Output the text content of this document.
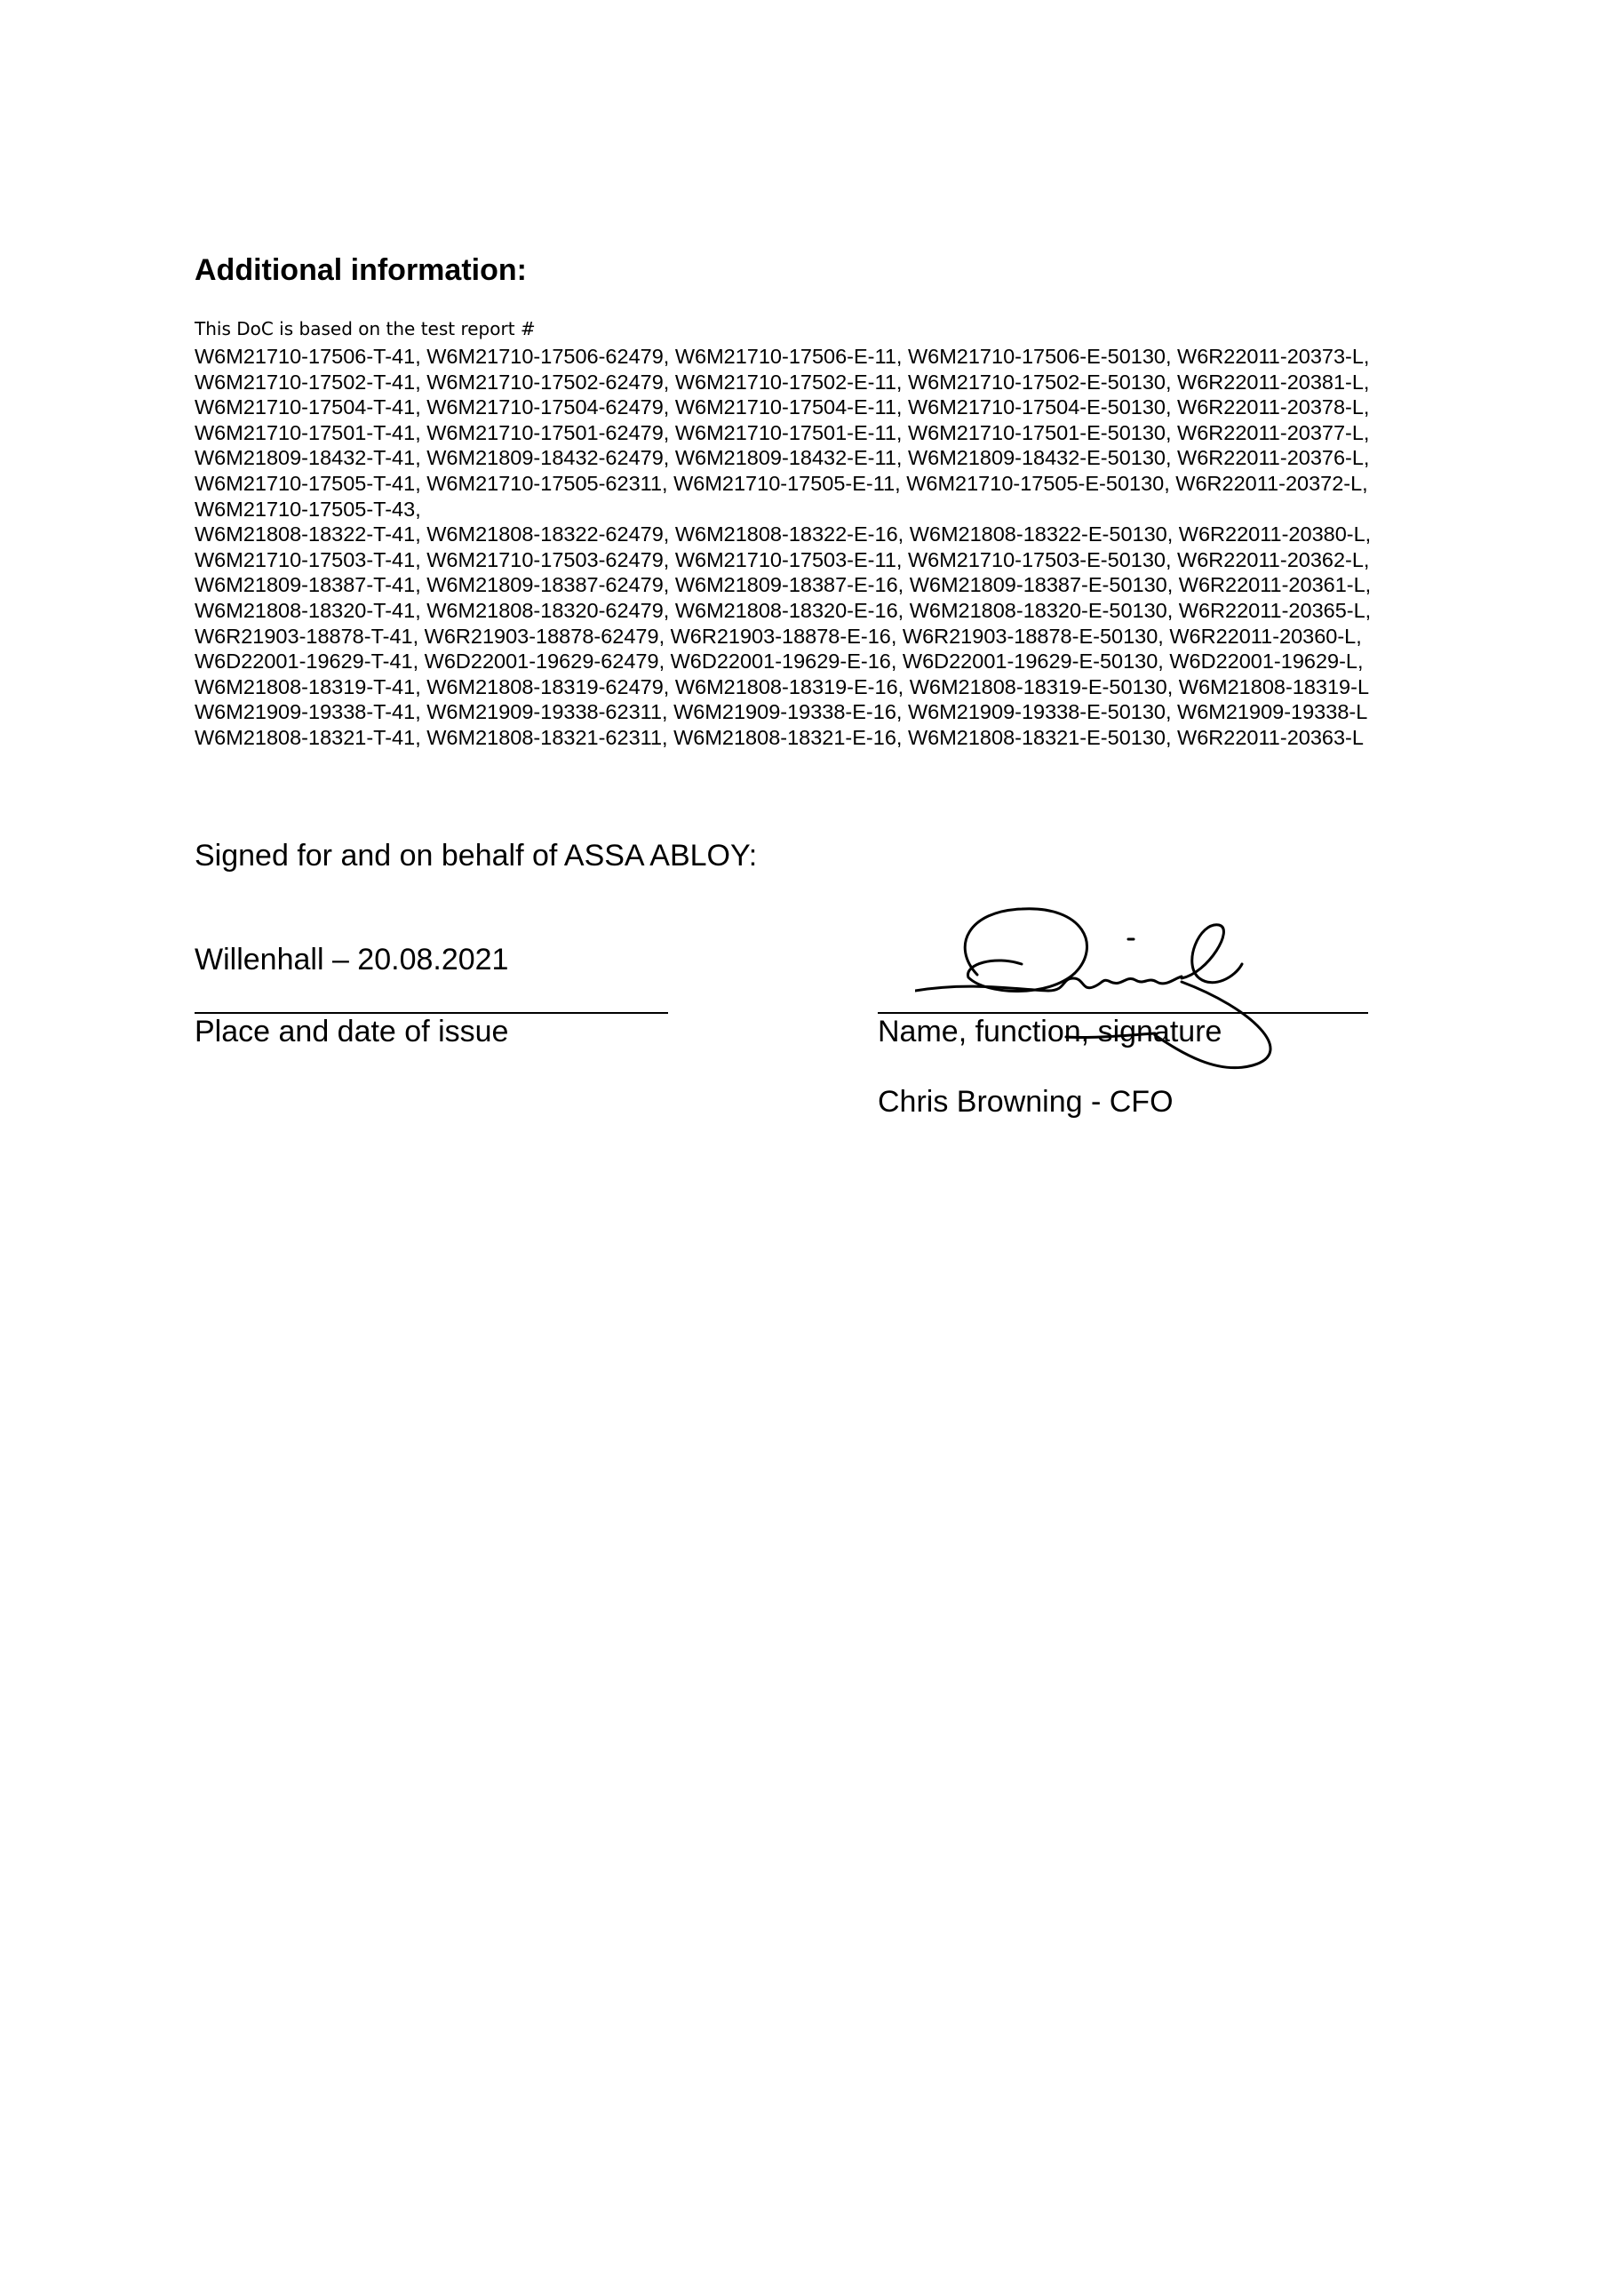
Additional information:
This DoC is based on the test report #
W6M21710-17506-T-41, W6M21710-17506-62479, W6M21710-17506-E-11, W6M21710-17506-E-50130, W6R22011-20373-L,
W6M21710-17502-T-41, W6M21710-17502-62479, W6M21710-17502-E-11, W6M21710-17502-E-50130, W6R22011-20381-L,
W6M21710-17504-T-41, W6M21710-17504-62479, W6M21710-17504-E-11, W6M21710-17504-E-50130, W6R22011-20378-L,
W6M21710-17501-T-41, W6M21710-17501-62479, W6M21710-17501-E-11, W6M21710-17501-E-50130, W6R22011-20377-L,
W6M21809-18432-T-41, W6M21809-18432-62479, W6M21809-18432-E-11, W6M21809-18432-E-50130, W6R22011-20376-L,
W6M21710-17505-T-41, W6M21710-17505-62311, W6M21710-17505-E-11, W6M21710-17505-E-50130, W6R22011-20372-L,
W6M21710-17505-T-43,
W6M21808-18322-T-41, W6M21808-18322-62479, W6M21808-18322-E-16, W6M21808-18322-E-50130, W6R22011-20380-L,
W6M21710-17503-T-41, W6M21710-17503-62479, W6M21710-17503-E-11, W6M21710-17503-E-50130, W6R22011-20362-L,
W6M21809-18387-T-41, W6M21809-18387-62479, W6M21809-18387-E-16, W6M21809-18387-E-50130, W6R22011-20361-L,
W6M21808-18320-T-41, W6M21808-18320-62479, W6M21808-18320-E-16, W6M21808-18320-E-50130, W6R22011-20365-L,
W6R21903-18878-T-41, W6R21903-18878-62479, W6R21903-18878-E-16, W6R21903-18878-E-50130, W6R22011-20360-L,
W6D22001-19629-T-41, W6D22001-19629-62479, W6D22001-19629-E-16, W6D22001-19629-E-50130, W6D22001-19629-L,
W6M21808-18319-T-41, W6M21808-18319-62479, W6M21808-18319-E-16, W6M21808-18319-E-50130, W6M21808-18319-L
W6M21909-19338-T-41, W6M21909-19338-62311, W6M21909-19338-E-16, W6M21909-19338-E-50130, W6M21909-19338-L
W6M21808-18321-T-41, W6M21808-18321-62311, W6M21808-18321-E-16, W6M21808-18321-E-50130, W6R22011-20363-L
Signed for and on behalf of ASSA ABLOY:
Willenhall – 20.08.2021
Place and date of issue	Name, function, signature
Chris Browning - CFO
